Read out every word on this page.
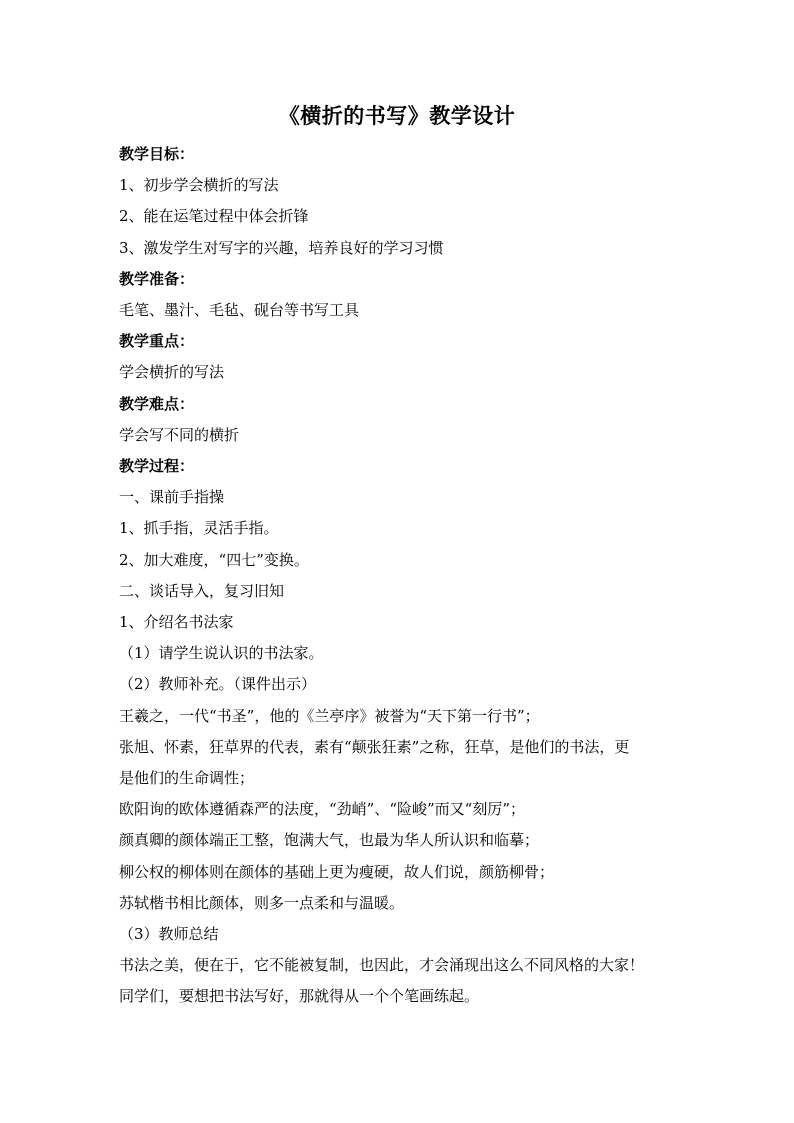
《横折的书写》教学设计
教学目标：
1、初步学会横折的写法
2、能在运笔过程中体会折锋
3、激发学生对写字的兴趣，培养良好的学习习惯
教学准备：
毛笔、墨汁、毛毡、砚台等书写工具
教学重点：
学会横折的写法
教学难点：
学会写不同的横折
教学过程：
一、课前手指操
1、抓手指，灵活手指。
2、加大难度，“四七”变换。
二、谈话导入，复习旧知
1、介绍名书法家
（1）请学生说认识的书法家。
（2）教师补充。（课件出示）
王羲之，一代“书圣”，他的《兰亭序》被誉为“天下第一行书”；
张旭、怀素，狂草界的代表，素有“颠张狂素”之称，狂草，是他们的书法，更
是他们的生命调性；
欧阳询的欧体遵循森严的法度，“劲峭”、“险峻”而又“刻厉”；
颜真卿的颜体端正工整，饱满大气，也最为华人所认识和临摹；
柳公权的柳体则在颜体的基础上更为瘦硬，故人们说，颜筋柳骨；
苏轼楷书相比颜体，则多一点柔和与温暖。
（3）教师总结
书法之美，便在于，它不能被复制，也因此，才会涌现出这么不同风格的大家！
同学们，要想把书法写好，那就得从一个个笔画练起。
